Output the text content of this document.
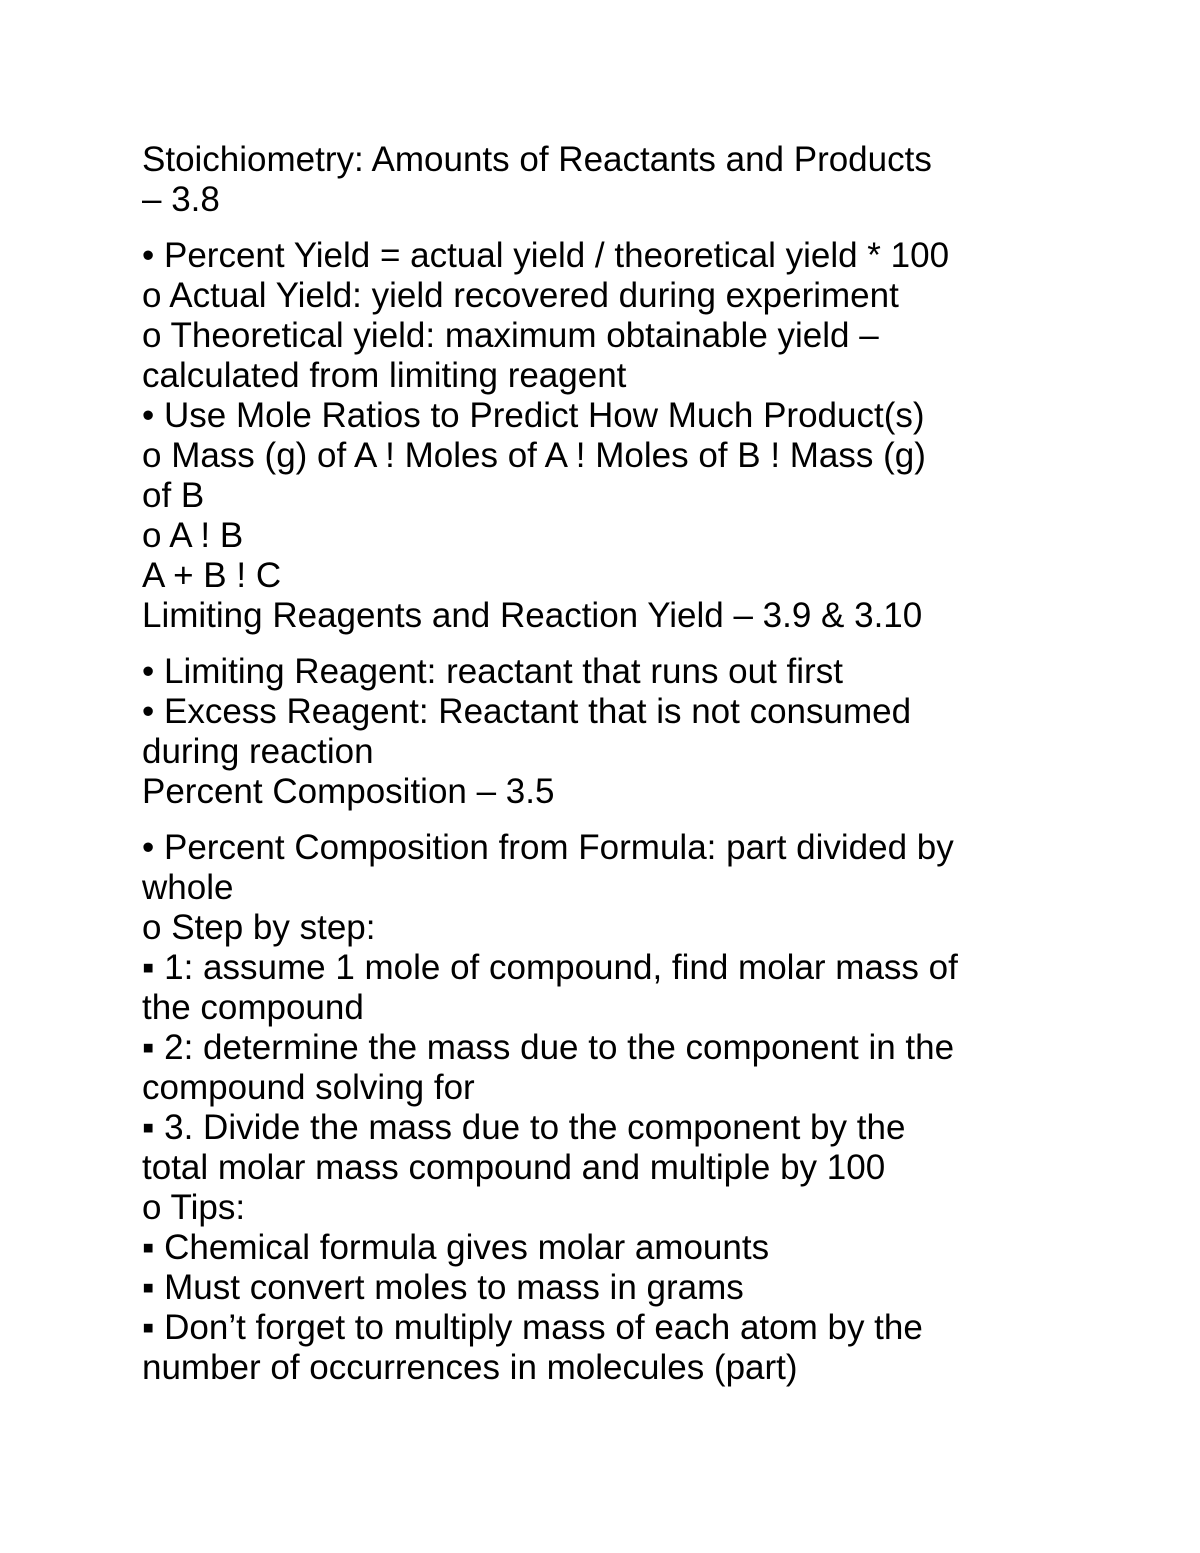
Stoichiometry: Amounts of Reactants and Products

– 3.8

• Percent Yield = actual yield / theoretical yield * 100

o Actual Yield: yield recovered during experiment

o Theoretical yield: maximum obtainable yield –

calculated from limiting reagent

• Use Mole Ratios to Predict How Much Product(s)

o Mass (g) of A ! Moles of A ! Moles of B ! Mass (g)

of B

o A ! B

A + B ! C

Limiting Reagents and Reaction Yield – 3.9 & 3.10

• Limiting Reagent: reactant that runs out first

• Excess Reagent: Reactant that is not consumed

during reaction

Percent Composition – 3.5

• Percent Composition from Formula: part divided by

whole

o Step by step:

▪ 1: assume 1 mole of compound, find molar mass of

the compound

▪ 2: determine the mass due to the component in the

compound solving for

▪ 3. Divide the mass due to the component by the

total molar mass compound and multiple by 100

o Tips:

▪ Chemical formula gives molar amounts

▪ Must convert moles to mass in grams

▪ Don’t forget to multiply mass of each atom by the

number of occurrences in molecules (part)
